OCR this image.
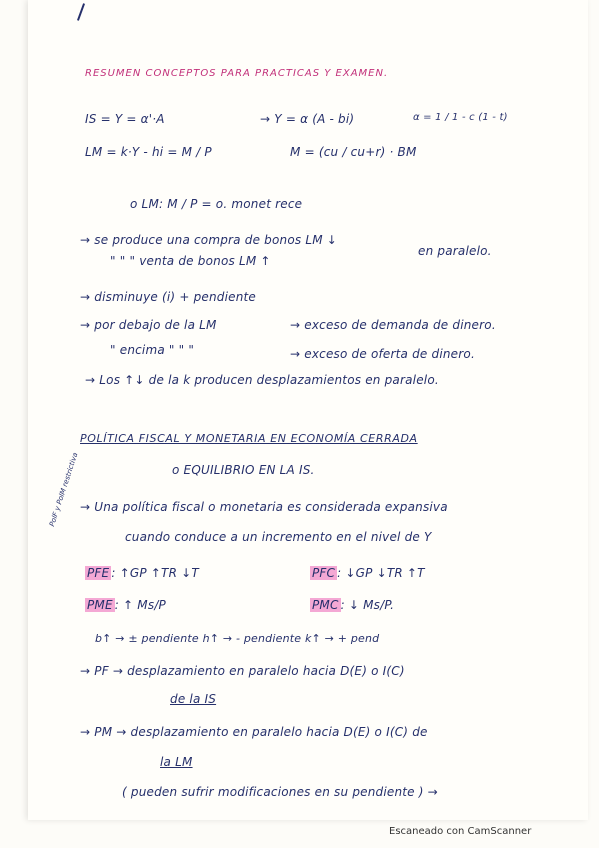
RESUMEN CONCEPTOS PARA PRACTICAS Y EXAMEN.
IS = Y = α'·A	→ Y = α (A - bi)	α = 1 / 1 - c (1 - t)
LM = k·Y - hi = M / P	M = (cu / cu+r) · BM
o LM: M / P = o. monet rece
→ se produce una compra de bonos LM ↓
" " " venta de bonos LM ↑
en paralelo.
→ disminuye (i) + pendiente
→ por debajo de la LM	→ exceso de demanda de dinero.
" encima " " "	→ exceso de oferta de dinero.
→ Los ↑↓ de la k producen desplazamientos en paralelo.
POLÍTICA FISCAL Y MONETARIA EN ECONOMÍA CERRADA
o EQUILIBRIO EN LA IS.
→ Una política fiscal o monetaria es considerada expansiva
cuando conduce a un incremento en el nivel de Y
PolF y PolM restrictiva
PFE : ↑GP ↑TR ↓T	PFC : ↓GP ↓TR ↑T
PME : ↑ Ms/P	PMC : ↓ Ms/P.
b↑ → ± pendiente h↑ → - pendiente k↑ → + pend
→ PF → desplazamiento en paralelo hacia D(E) o I(C)
de la IS
→ PM → desplazamiento en paralelo hacia D(E) o I(C) de
la LM
( pueden sufrir modificaciones en su pendiente ) →
Escaneado con CamScanner
